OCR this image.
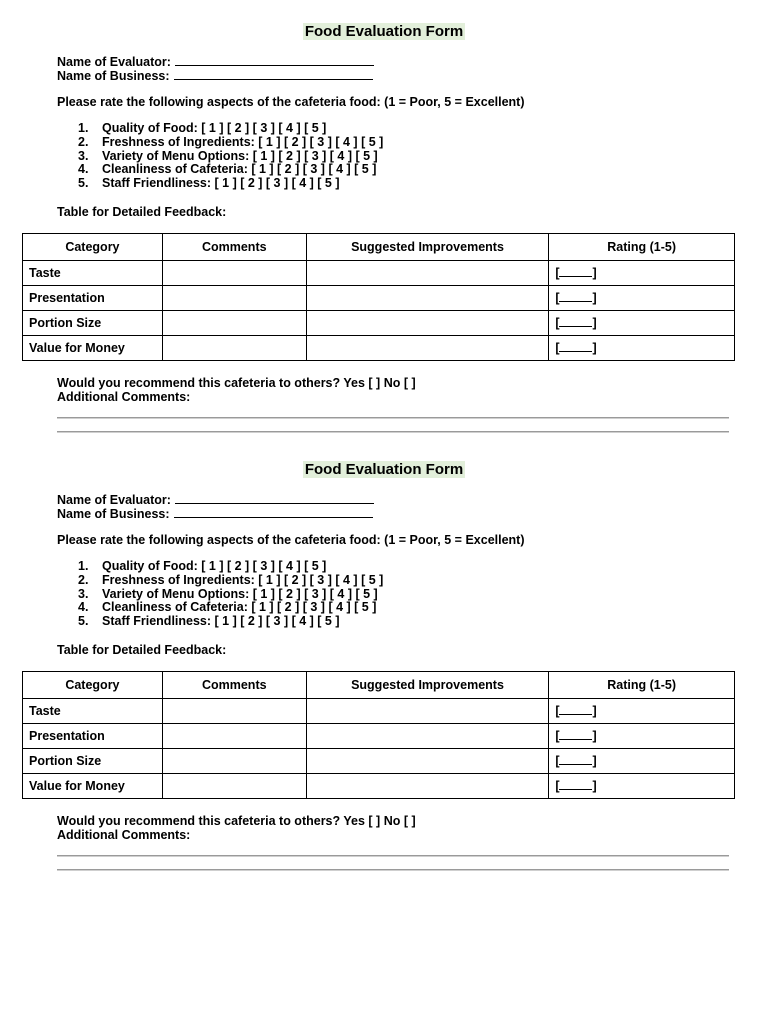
Food Evaluation Form
Name of Evaluator:
Name of Business:
Please rate the following aspects of the cafeteria food: (1 = Poor, 5 = Excellent)
1. Quality of Food: [ 1 ] [ 2 ] [ 3 ] [ 4 ] [ 5 ]
2. Freshness of Ingredients: [ 1 ] [ 2 ] [ 3 ] [ 4 ] [ 5 ]
3. Variety of Menu Options: [ 1 ] [ 2 ] [ 3 ] [ 4 ] [ 5 ]
4. Cleanliness of Cafeteria: [ 1 ] [ 2 ] [ 3 ] [ 4 ] [ 5 ]
5. Staff Friendliness: [ 1 ] [ 2 ] [ 3 ] [ 4 ] [ 5 ]
Table for Detailed Feedback:
Category	Comments	Suggested Improvements	Rating (1-5)
Taste			[ ]
Presentation			[ ]
Portion Size			[ ]
Value for Money			[ ]
Would you recommend this cafeteria to others? Yes [ ] No [ ]
Additional Comments:
Food Evaluation Form
Name of Evaluator:
Name of Business:
Please rate the following aspects of the cafeteria food: (1 = Poor, 5 = Excellent)
1. Quality of Food: [ 1 ] [ 2 ] [ 3 ] [ 4 ] [ 5 ]
2. Freshness of Ingredients: [ 1 ] [ 2 ] [ 3 ] [ 4 ] [ 5 ]
3. Variety of Menu Options: [ 1 ] [ 2 ] [ 3 ] [ 4 ] [ 5 ]
4. Cleanliness of Cafeteria: [ 1 ] [ 2 ] [ 3 ] [ 4 ] [ 5 ]
5. Staff Friendliness: [ 1 ] [ 2 ] [ 3 ] [ 4 ] [ 5 ]
Table for Detailed Feedback:
Category	Comments	Suggested Improvements	Rating (1-5)
Taste			[ ]
Presentation			[ ]
Portion Size			[ ]
Value for Money			[ ]
Would you recommend this cafeteria to others? Yes [ ] No [ ]
Additional Comments:
